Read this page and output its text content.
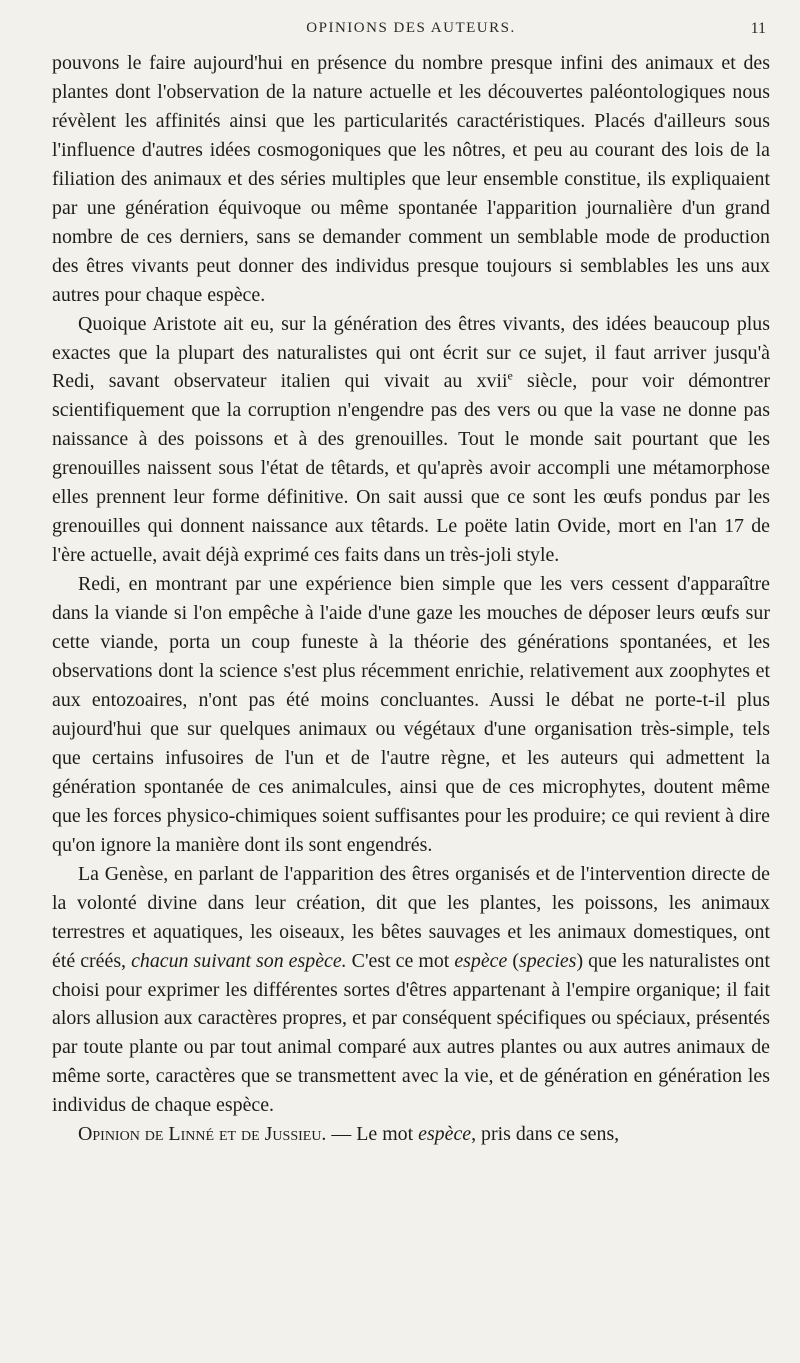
OPINIONS DES AUTEURS.	11

pouvons le faire aujourd'hui en présence du nombre presque infini des animaux et des plantes dont l'observation de la nature actuelle et les découvertes paléontologiques nous révèlent les affinités ainsi que les particularités caractéristiques. Placés d'ailleurs sous l'influence d'autres idées cosmogoniques que les nôtres, et peu au courant des lois de la filiation des animaux et des séries multiples que leur ensemble constitue, ils expliquaient par une génération équivoque ou même spontanée l'apparition journalière d'un grand nombre de ces derniers, sans se demander comment un semblable mode de production des êtres vivants peut donner des individus presque toujours si semblables les uns aux autres pour chaque espèce.

Quoique Aristote ait eu, sur la génération des êtres vivants, des idées beaucoup plus exactes que la plupart des naturalistes qui ont écrit sur ce sujet, il faut arriver jusqu'à Redi, savant observateur italien qui vivait au xvii$^e$ siècle, pour voir démontrer scientifiquement que la corruption n'engendre pas des vers ou que la vase ne donne pas naissance à des poissons et à des grenouilles. Tout le monde sait pourtant que les grenouilles naissent sous l'état de têtards, et qu'après avoir accompli une métamorphose elles prennent leur forme définitive. On sait aussi que ce sont les œufs pondus par les grenouilles qui donnent naissance aux têtards. Le poëte latin Ovide, mort en l'an 17 de l'ère actuelle, avait déjà exprimé ces faits dans un très-joli style.

Redi, en montrant par une expérience bien simple que les vers cessent d'apparaître dans la viande si l'on empêche à l'aide d'une gaze les mouches de déposer leurs œufs sur cette viande, porta un coup funeste à la théorie des générations spontanées, et les observations dont la science s'est plus récemment enrichie, relativement aux zoophytes et aux entozoaires, n'ont pas été moins concluantes. Aussi le débat ne porte-t-il plus aujourd'hui que sur quelques animaux ou végétaux d'une organisation très-simple, tels que certains infusoires de l'un et de l'autre règne, et les auteurs qui admettent la génération spontanée de ces animalcules, ainsi que de ces microphytes, doutent même que les forces physico-chimiques soient suffisantes pour les produire; ce qui revient à dire qu'on ignore la manière dont ils sont engendrés.

La Genèse, en parlant de l'apparition des êtres organisés et de l'intervention directe de la volonté divine dans leur création, dit que les plantes, les poissons, les animaux terrestres et aquatiques, les oiseaux, les bêtes sauvages et les animaux domestiques, ont été créés, chacun suivant son espèce. C'est ce mot espèce (species) que les naturalistes ont choisi pour exprimer les différentes sortes d'êtres appartenant à l'empire organique; il fait alors allusion aux caractères propres, et par conséquent spécifiques ou spéciaux, présentés par toute plante ou par tout animal comparé aux autres plantes ou aux autres animaux de même sorte, caractères que se transmettent avec la vie, et de génération en génération les individus de chaque espèce.

Opinion de Linné et de Jussieu. — Le mot espèce, pris dans ce sens,
